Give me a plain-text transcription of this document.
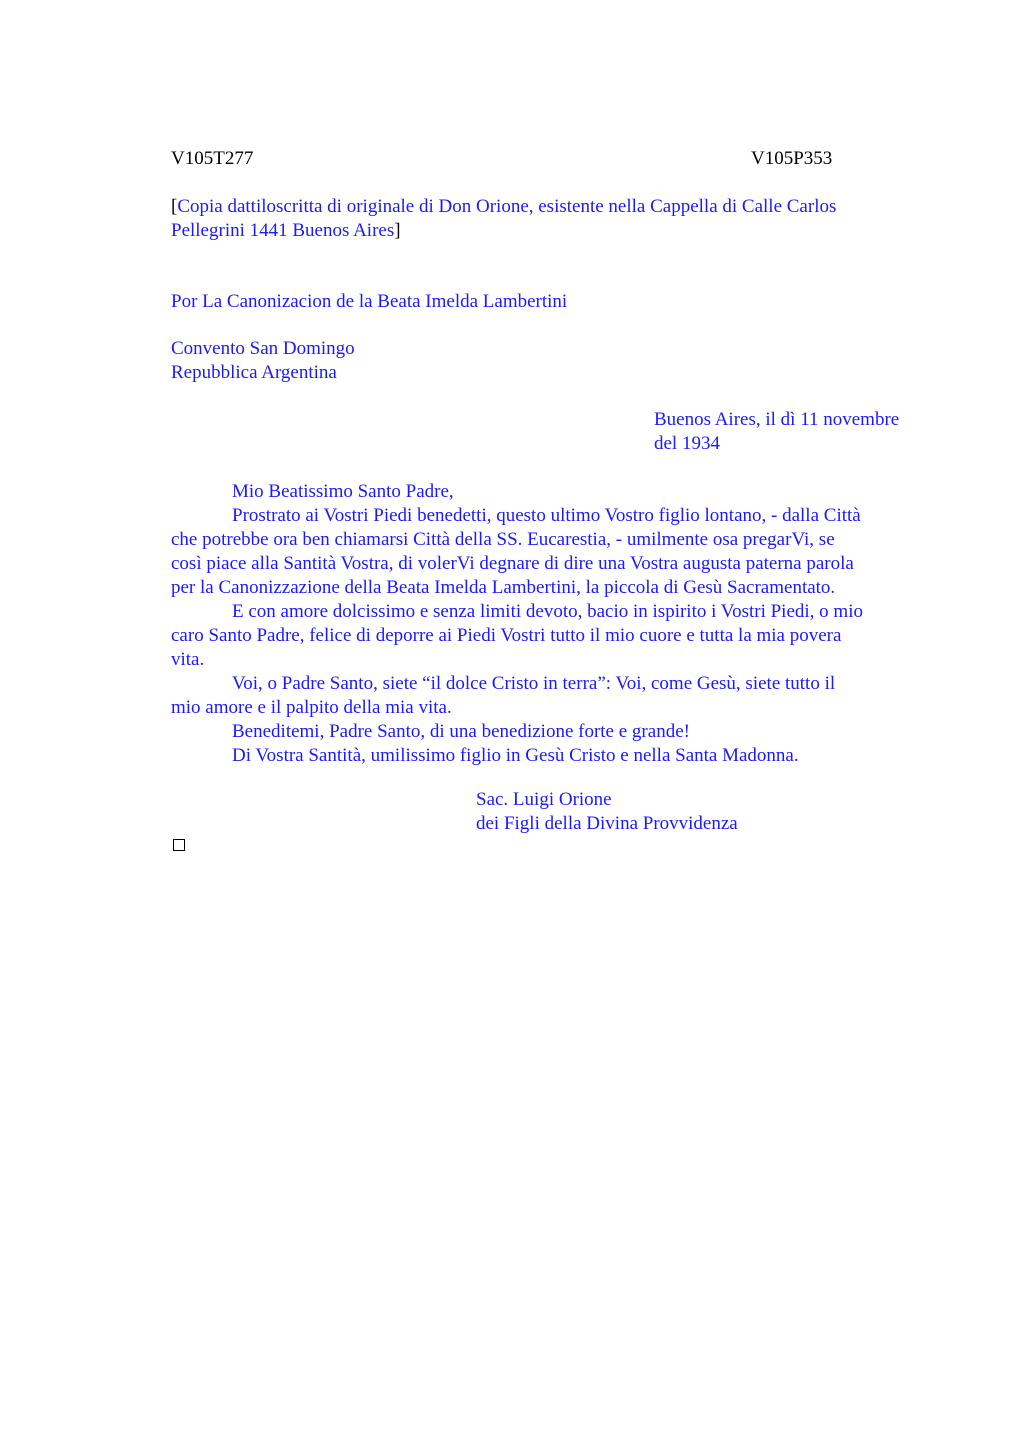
V105T277	V105P353
[Copia dattiloscritta di originale di Don Orione, esistente nella Cappella di Calle Carlos
Pellegrini 1441 Buenos Aires]
Por La Canonizacion de la Beata Imelda Lambertini
Convento San Domingo
Repubblica Argentina
Buenos Aires, il dì 11 novembre
del 1934
Mio Beatissimo Santo Padre,
Prostrato ai Vostri Piedi benedetti, questo ultimo Vostro figlio lontano, - dalla Città
che potrebbe ora ben chiamarsi Città della SS. Eucarestia, - umilmente osa pregarVi, se
così piace alla Santità Vostra, di volerVi degnare di dire una Vostra augusta paterna parola
per la Canonizzazione della Beata Imelda Lambertini, la piccola di Gesù Sacramentato.
E con amore dolcissimo e senza limiti devoto, bacio in ispirito i Vostri Piedi, o mio
caro Santo Padre, felice di deporre ai Piedi Vostri tutto il mio cuore e tutta la mia povera
vita.
Voi, o Padre Santo, siete “il dolce Cristo in terra”: Voi, come Gesù, siete tutto il
mio amore e il palpito della mia vita.
Beneditemi, Padre Santo, di una benedizione forte e grande!
Di Vostra Santità, umilissimo figlio in Gesù Cristo e nella Santa Madonna.
Sac. Luigi Orione
dei Figli della Divina Provvidenza
